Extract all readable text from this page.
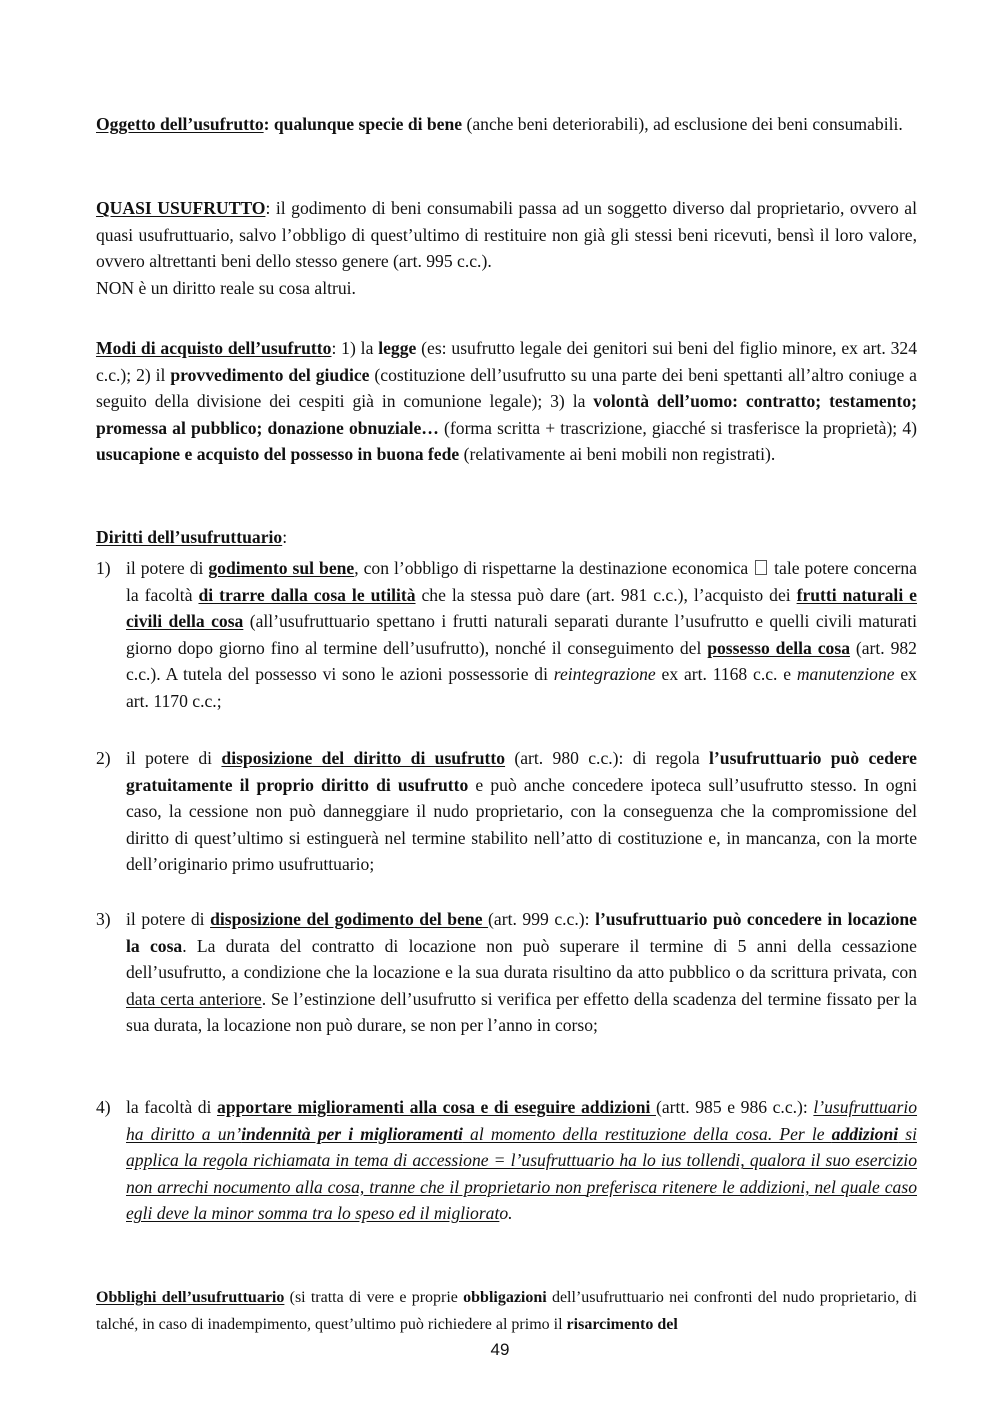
Oggetto dell’usufrutto: qualunque specie di bene (anche beni deteriorabili), ad esclusione dei beni consumabili.

QUASI USUFRUTTO: il godimento di beni consumabili passa ad un soggetto diverso dal proprietario, ovvero al quasi usufruttuario, salvo l’obbligo di quest’ultimo di restituire non già gli stessi beni ricevuti, bensì il loro valore, ovvero altrettanti beni dello stesso genere (art. 995 c.c.).
NON è un diritto reale su cosa altrui.

Modi di acquisto dell’usufrutto: 1) la legge (es: usufrutto legale dei genitori sui beni del figlio minore, ex art. 324 c.c.); 2) il provvedimento del giudice (costituzione dell’usufrutto su una parte dei beni spettanti all’altro coniuge a seguito della divisione dei cespiti già in comunione legale); 3) la volontà dell’uomo: contratto; testamento; promessa al pubblico; donazione obnuziale… (forma scritta + trascrizione, giacché si trasferisce la proprietà); 4) usucapione e acquisto del possesso in buona fede (relativamente ai beni mobili non registrati).

Diritti dell’usufruttuario:

1) il potere di godimento sul bene, con l’obbligo di rispettarne la destinazione economica  tale potere concerna la facoltà di trarre dalla cosa le utilità che la stessa può dare (art. 981 c.c.), l’acquisto dei frutti naturali e civili della cosa (all’usufruttuario spettano i frutti naturali separati durante l’usufrutto e quelli civili maturati giorno dopo giorno fino al termine dell’usufrutto), nonché il conseguimento del possesso della cosa (art. 982 c.c.). A tutela del possesso vi sono le azioni possessorie di reintegrazione ex art. 1168 c.c. e manutenzione ex art. 1170 c.c.;

2) il potere di disposizione del diritto di usufrutto (art. 980 c.c.): di regola l’usufruttuario può cedere gratuitamente il proprio diritto di usufrutto e può anche concedere ipoteca sull’usufrutto stesso. In ogni caso, la cessione non può danneggiare il nudo proprietario, con la conseguenza che la compromissione del diritto di quest’ultimo si estinguerà nel termine stabilito nell’atto di costituzione e, in mancanza, con la morte dell’originario primo usufruttuario;

3) il potere di disposizione del godimento del bene (art. 999 c.c.): l’usufruttuario può concedere in locazione la cosa. La durata del contratto di locazione non può superare il termine di 5 anni della cessazione dell’usufrutto, a condizione che la locazione e la sua durata risultino da atto pubblico o da scrittura privata, con data certa anteriore. Se l’estinzione dell’usufrutto si verifica per effetto della scadenza del termine fissato per la sua durata, la locazione non può durare, se non per l’anno in corso;

4) la facoltà di apportare miglioramenti alla cosa e di eseguire addizioni (artt. 985 e 986 c.c.): l’usufruttuario ha diritto a un’indennità per i miglioramenti al momento della restituzione della cosa. Per le addizioni si applica la regola richiamata in tema di accessione = l’usufruttuario ha lo ius tollendi, qualora il suo esercizio non arrechi nocumento alla cosa, tranne che il proprietario non preferisca ritenere le addizioni, nel quale caso egli deve la minor somma tra lo speso ed il migliorato.

Obblighi dell’usufruttuario (si tratta di vere e proprie obbligazioni dell’usufruttuario nei confronti del nudo proprietario, di talché, in caso di inadempimento, quest’ultimo può richiedere al primo il risarcimento del

49
